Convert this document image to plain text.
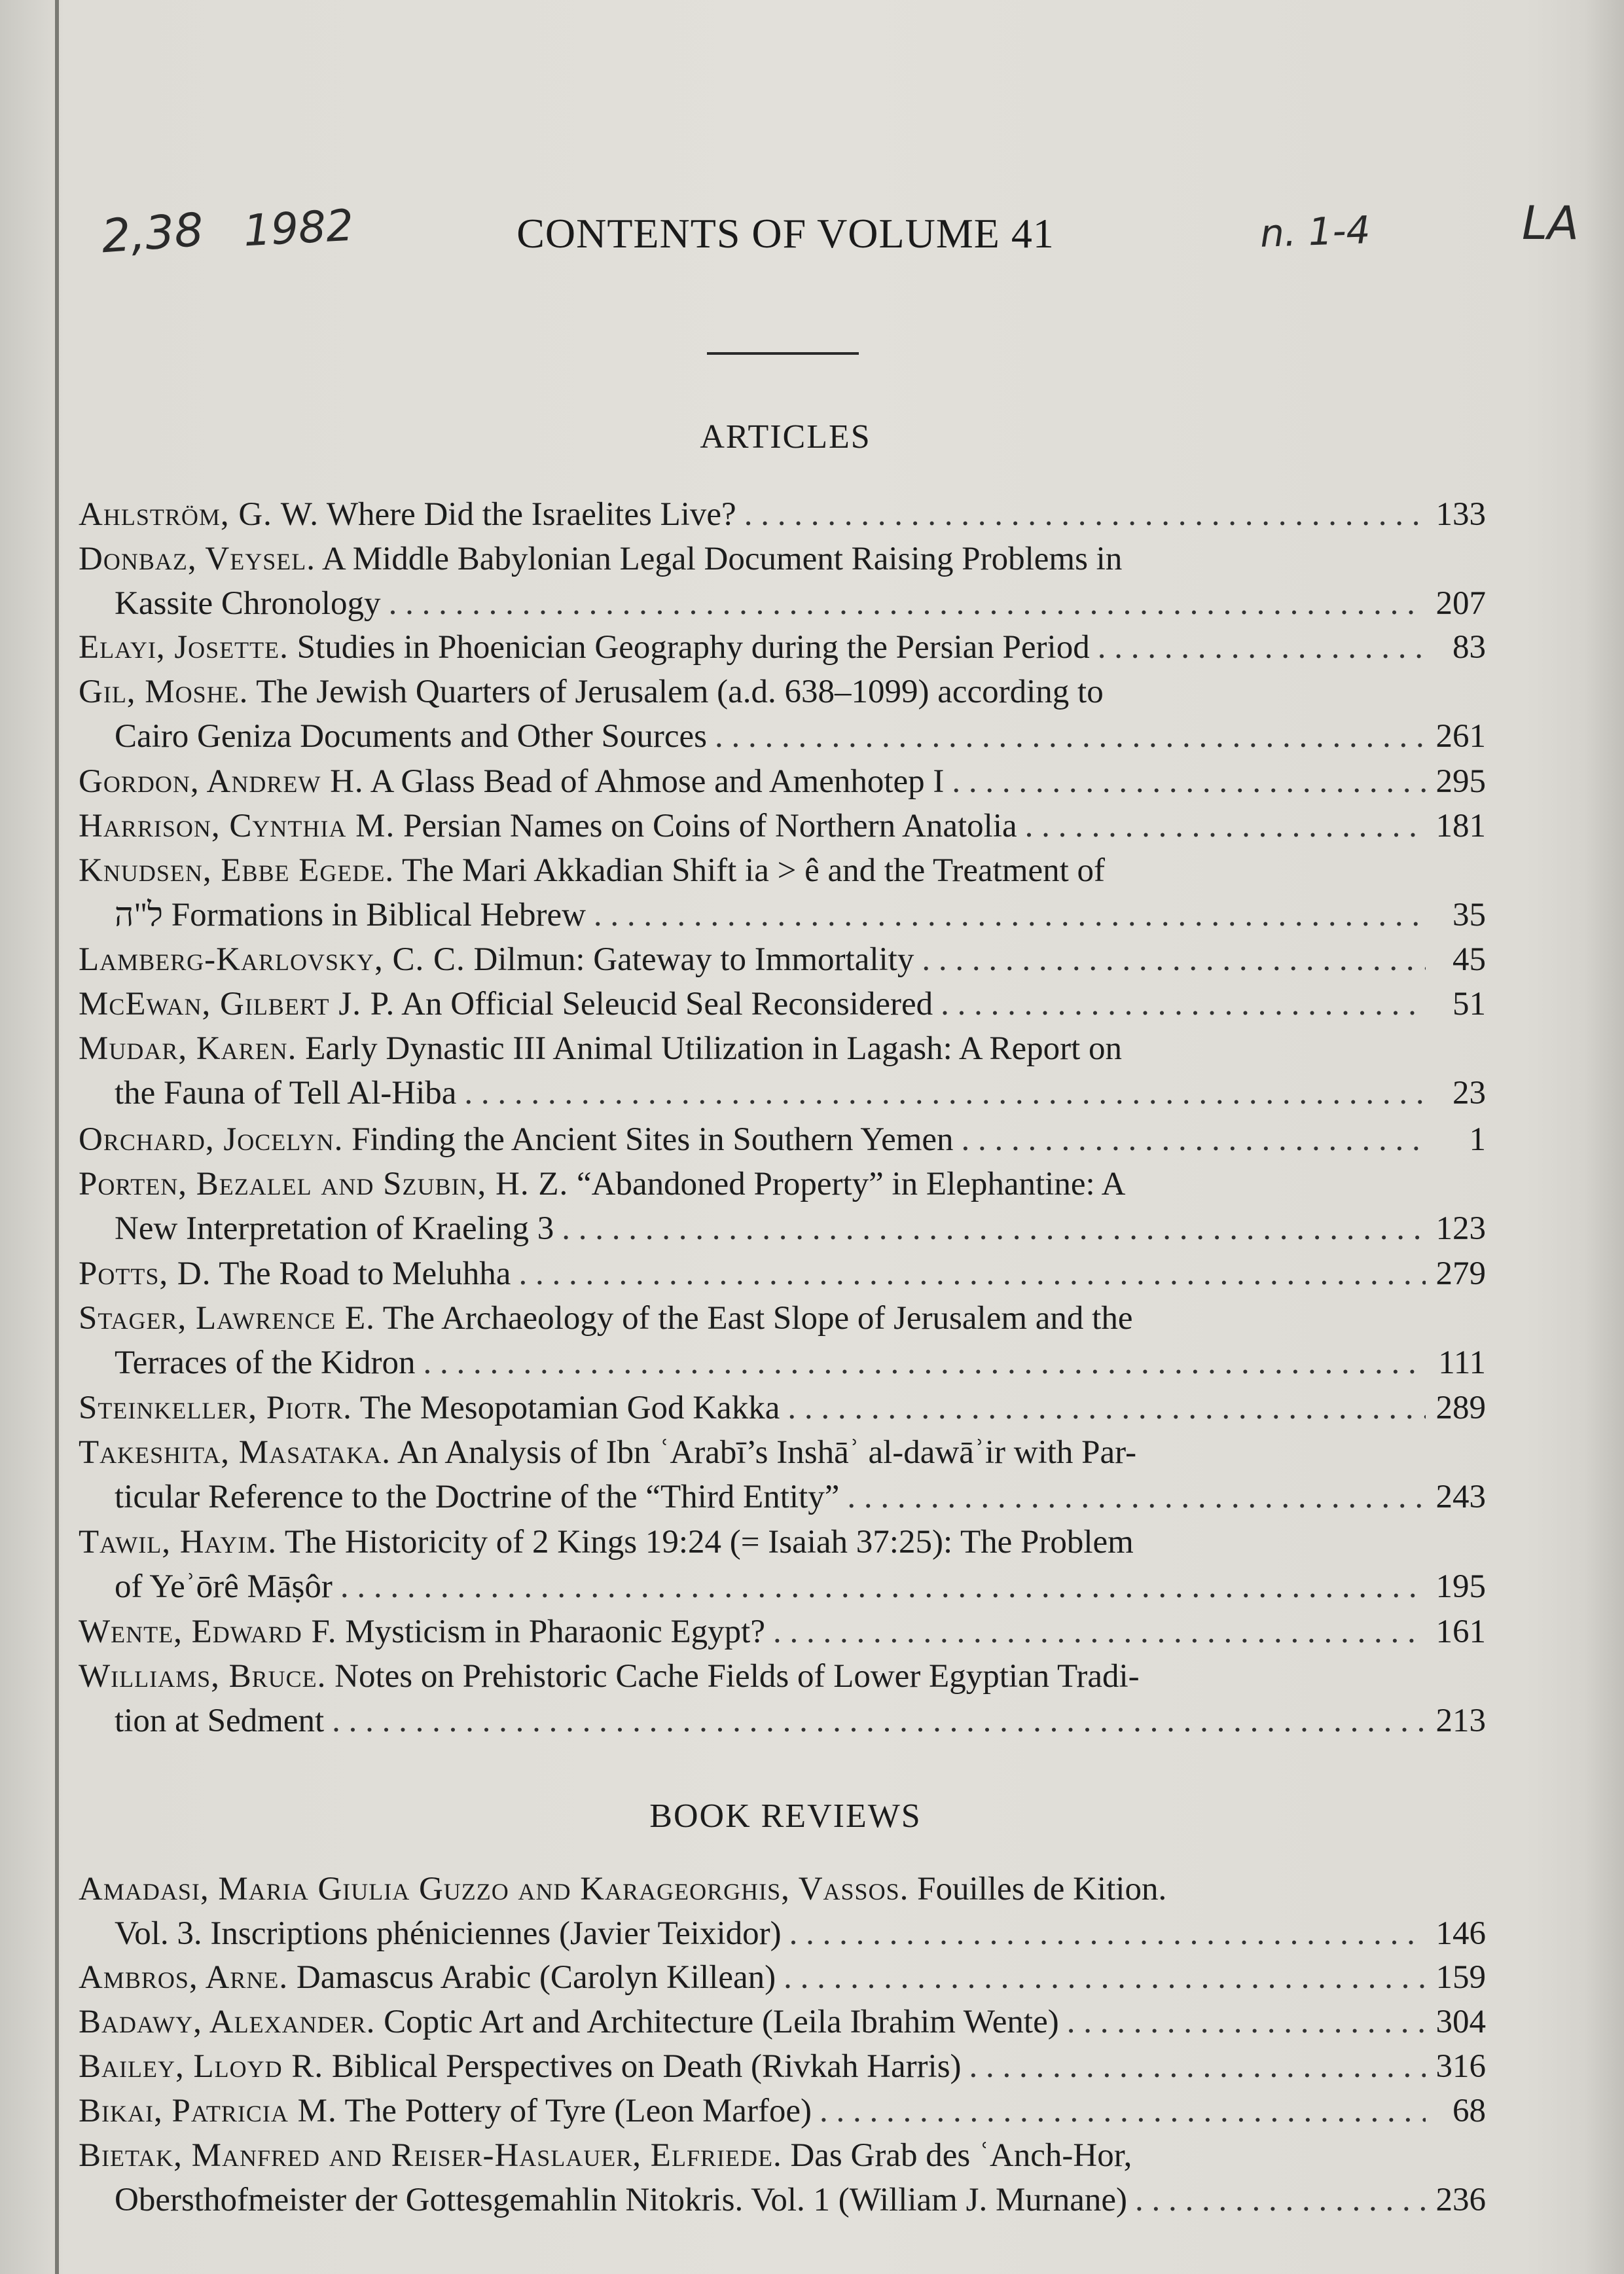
2,38 1982	n. 1-4	LA
CONTENTS OF VOLUME 41
ARTICLES
BOOK REVIEWS
Ahlström, G. W. Where Did the Israelites Live? . . .	133
Donbaz, Veysel. A Middle Babylonian Legal Document Raising Problems in
Kassite Chronology . . .	207
Elayi, Josette. Studies in Phoenician Geography during the Persian Period . . .	83
Gil, Moshe. The Jewish Quarters of Jerusalem (a.d. 638–1099) according to
Cairo Geniza Documents and Other Sources . . .	261
Gordon, Andrew H. A Glass Bead of Ahmose and Amenhotep I . . .	295
Harrison, Cynthia M. Persian Names on Coins of Northern Anatolia . . .	181
Knudsen, Ebbe Egede. The Mari Akkadian Shift ia > ê and the Treatment of
ל"ה Formations in Biblical Hebrew . . .	35
Lamberg-Karlovsky, C. C. Dilmun: Gateway to Immortality . . .	45
McEwan, Gilbert J. P. An Official Seleucid Seal Reconsidered . . .	51
Mudar, Karen. Early Dynastic III Animal Utilization in Lagash: A Report on
the Fauna of Tell Al-Hiba . . .	23
Orchard, Jocelyn. Finding the Ancient Sites in Southern Yemen . . .	1
Porten, Bezalel and Szubin, H. Z. “Abandoned Property” in Elephantine: A
New Interpretation of Kraeling 3 . . .	123
Potts, D. The Road to Meluhha . . .	279
Stager, Lawrence E. The Archaeology of the East Slope of Jerusalem and the
Terraces of the Kidron . . .	111
Steinkeller, Piotr. The Mesopotamian God Kakka . . .	289
Takeshita, Masataka. An Analysis of Ibn ʿArabī’s Inshāʾ al-dawāʾir with Par-
ticular Reference to the Doctrine of the “Third Entity” . . .	243
Tawil, Hayim. The Historicity of 2 Kings 19:24 (= Isaiah 37:25): The Problem
of Yeʾōrê Māṣôr . . .	195
Wente, Edward F. Mysticism in Pharaonic Egypt? . . .	161
Williams, Bruce. Notes on Prehistoric Cache Fields of Lower Egyptian Tradi-
tion at Sedment . . .	213
Amadasi, Maria Giulia Guzzo and Karageorghis, Vassos. Fouilles de Kition.
Vol. 3. Inscriptions phéniciennes (Javier Teixidor) . . .	146
Ambros, Arne. Damascus Arabic (Carolyn Killean) . . .	159
Badawy, Alexander. Coptic Art and Architecture (Leila Ibrahim Wente) . . .	304
Bailey, Lloyd R. Biblical Perspectives on Death (Rivkah Harris) . . .	316
Bikai, Patricia M. The Pottery of Tyre (Leon Marfoe) . . .	68
Bietak, Manfred and Reiser-Haslauer, Elfriede. Das Grab des ʿAnch-Hor,
Obersthofmeister der Gottesgemahlin Nitokris. Vol. 1 (William J. Murnane) . . .	236
